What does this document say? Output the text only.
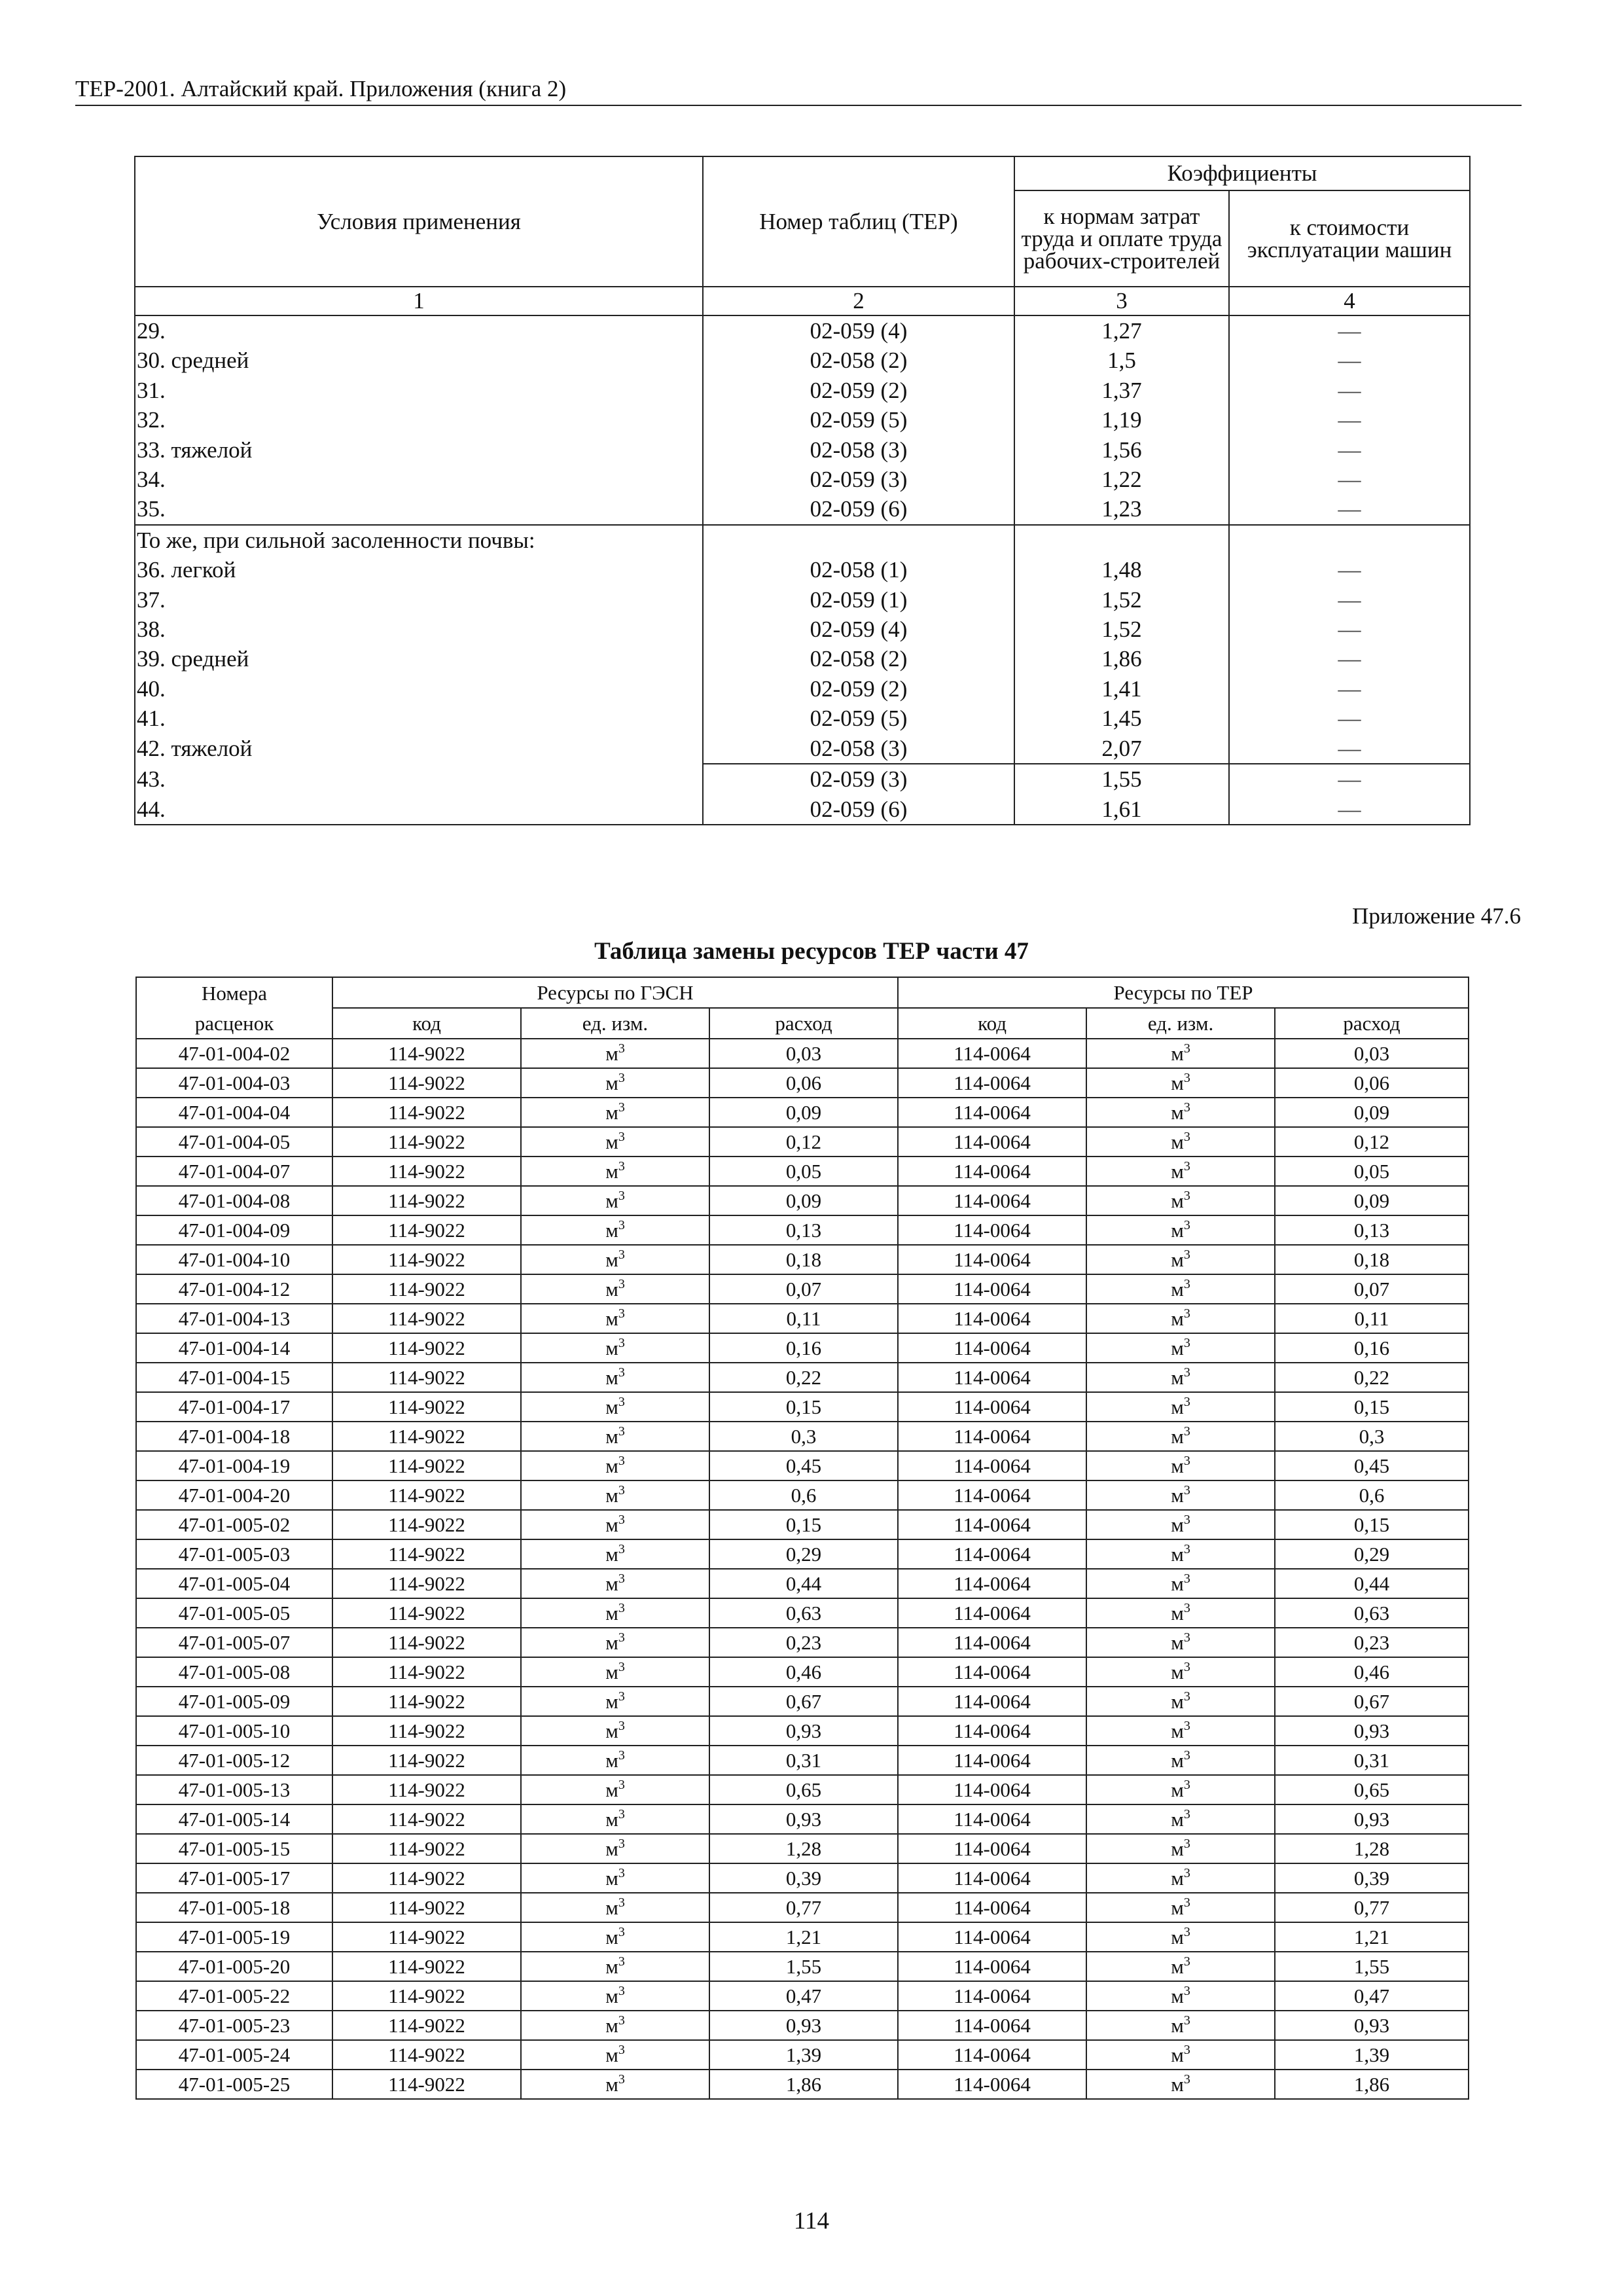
ТЕР-2001. Алтайский край. Приложения (книга 2)
Условия применения	Номер таблиц (ТЕР)	Коэффициенты	
		к нормам затрат труда и оплате труда рабочих-строителей	к стоимости эксплуатации машин
1	2	3	4
29.	02-059 (4)	1,27	—
30. средней	02-058 (2)	1,5	—
31.	02-059 (2)	1,37	—
32.	02-059 (5)	1,19	—
33. тяжелой	02-058 (3)	1,56	—
34.	02-059 (3)	1,22	—
35.	02-059 (6)	1,23	—
То же, при сильной засоленности почвы:			
36. легкой	02-058 (1)	1,48	—
37.	02-059 (1)	1,52	—
38.	02-059 (4)	1,52	—
39. средней	02-058 (2)	1,86	—
40.	02-059 (2)	1,41	—
41.	02-059 (5)	1,45	—
42. тяжелой	02-058 (3)	2,07	—
43.	02-059 (3)	1,55	—
44.	02-059 (6)	1,61	—
Приложение 47.6
Таблица замены ресурсов ТЕР части 47
Номера	Ресурсы по ГЭСН			Ресурсы по ТЕР		
расценок	код	ед. изм.	расход	код	ед. изм.	расход
47-01-004-02	114-9022	$м^3$	0,03	114-0064	$м^3$	0,03
47-01-004-03	114-9022	$м^3$	0,06	114-0064	$м^3$	0,06
47-01-004-04	114-9022	$м^3$	0,09	114-0064	$м^3$	0,09
47-01-004-05	114-9022	$м^3$	0,12	114-0064	$м^3$	0,12
47-01-004-07	114-9022	$м^3$	0,05	114-0064	$м^3$	0,05
47-01-004-08	114-9022	$м^3$	0,09	114-0064	$м^3$	0,09
47-01-004-09	114-9022	$м^3$	0,13	114-0064	$м^3$	0,13
47-01-004-10	114-9022	$м^3$	0,18	114-0064	$м^3$	0,18
47-01-004-12	114-9022	$м^3$	0,07	114-0064	$м^3$	0,07
47-01-004-13	114-9022	$м^3$	0,11	114-0064	$м^3$	0,11
47-01-004-14	114-9022	$м^3$	0,16	114-0064	$м^3$	0,16
47-01-004-15	114-9022	$м^3$	0,22	114-0064	$м^3$	0,22
47-01-004-17	114-9022	$м^3$	0,15	114-0064	$м^3$	0,15
47-01-004-18	114-9022	$м^3$	0,3	114-0064	$м^3$	0,3
47-01-004-19	114-9022	$м^3$	0,45	114-0064	$м^3$	0,45
47-01-004-20	114-9022	$м^3$	0,6	114-0064	$м^3$	0,6
47-01-005-02	114-9022	$м^3$	0,15	114-0064	$м^3$	0,15
47-01-005-03	114-9022	$м^3$	0,29	114-0064	$м^3$	0,29
47-01-005-04	114-9022	$м^3$	0,44	114-0064	$м^3$	0,44
47-01-005-05	114-9022	$м^3$	0,63	114-0064	$м^3$	0,63
47-01-005-07	114-9022	$м^3$	0,23	114-0064	$м^3$	0,23
47-01-005-08	114-9022	$м^3$	0,46	114-0064	$м^3$	0,46
47-01-005-09	114-9022	$м^3$	0,67	114-0064	$м^3$	0,67
47-01-005-10	114-9022	$м^3$	0,93	114-0064	$м^3$	0,93
47-01-005-12	114-9022	$м^3$	0,31	114-0064	$м^3$	0,31
47-01-005-13	114-9022	$м^3$	0,65	114-0064	$м^3$	0,65
47-01-005-14	114-9022	$м^3$	0,93	114-0064	$м^3$	0,93
47-01-005-15	114-9022	$м^3$	1,28	114-0064	$м^3$	1,28
47-01-005-17	114-9022	$м^3$	0,39	114-0064	$м^3$	0,39
47-01-005-18	114-9022	$м^3$	0,77	114-0064	$м^3$	0,77
47-01-005-19	114-9022	$м^3$	1,21	114-0064	$м^3$	1,21
47-01-005-20	114-9022	$м^3$	1,55	114-0064	$м^3$	1,55
47-01-005-22	114-9022	$м^3$	0,47	114-0064	$м^3$	0,47
47-01-005-23	114-9022	$м^3$	0,93	114-0064	$м^3$	0,93
47-01-005-24	114-9022	$м^3$	1,39	114-0064	$м^3$	1,39
47-01-005-25	114-9022	$м^3$	1,86	114-0064	$м^3$	1,86
114
